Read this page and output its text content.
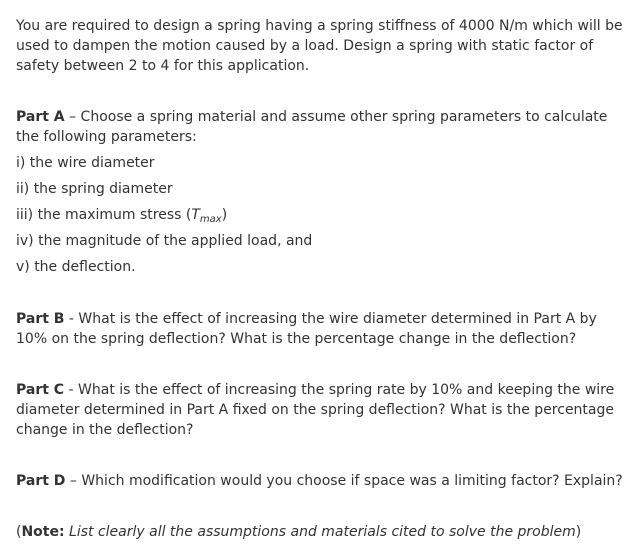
You are required to design a spring having a spring stiffness of 4000 N/m which will be used to dampen the motion caused by a load. Design a spring with static factor of safety between 2 to 4 for this application.

Part A – Choose a spring material and assume other spring parameters to calculate the following parameters:

i) the wire diameter

ii) the spring diameter

iii) the maximum stress $(T_{max})$

iv) the magnitude of the applied load, and

v) the deflection.

Part B - What is the effect of increasing the wire diameter determined in Part A by 10% on the spring deflection? What is the percentage change in the deflection?

Part C - What is the effect of increasing the spring rate by 10% and keeping the wire diameter determined in Part A fixed on the spring deflection? What is the percentage change in the deflection?

Part D – Which modification would you choose if space was a limiting factor? Explain?

(Note: List clearly all the assumptions and materials cited to solve the problem)
